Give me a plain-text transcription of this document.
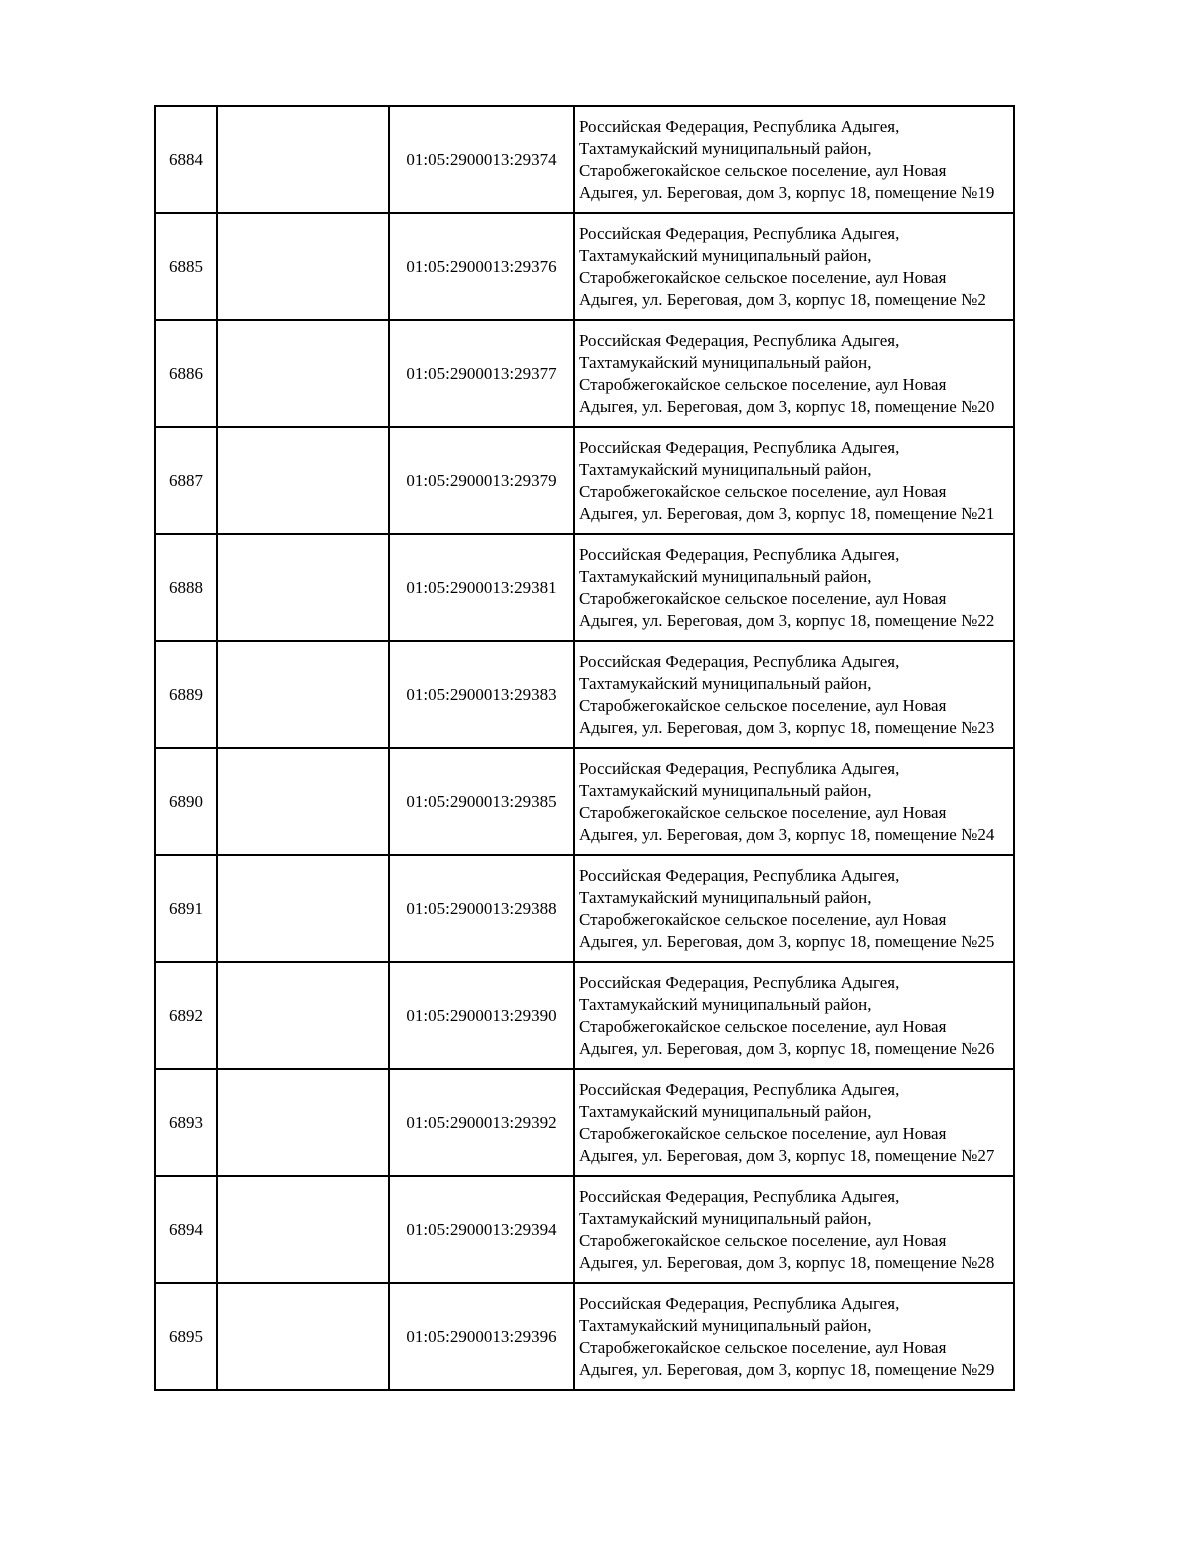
6884		01:05:2900013:29374	Российская Федерация, Республика Адыгея,
Тахтамукайский муниципальный район,
Старобжегокайское сельское поселение, аул Новая
Адыгея, ул. Береговая, дом 3, корпус 18, помещение №19

6885		01:05:2900013:29376	Российская Федерация, Республика Адыгея,
Тахтамукайский муниципальный район,
Старобжегокайское сельское поселение, аул Новая
Адыгея, ул. Береговая, дом 3, корпус 18, помещение №2

6886		01:05:2900013:29377	Российская Федерация, Республика Адыгея,
Тахтамукайский муниципальный район,
Старобжегокайское сельское поселение, аул Новая
Адыгея, ул. Береговая, дом 3, корпус 18, помещение №20

6887		01:05:2900013:29379	Российская Федерация, Республика Адыгея,
Тахтамукайский муниципальный район,
Старобжегокайское сельское поселение, аул Новая
Адыгея, ул. Береговая, дом 3, корпус 18, помещение №21

6888		01:05:2900013:29381	Российская Федерация, Республика Адыгея,
Тахтамукайский муниципальный район,
Старобжегокайское сельское поселение, аул Новая
Адыгея, ул. Береговая, дом 3, корпус 18, помещение №22

6889		01:05:2900013:29383	Российская Федерация, Республика Адыгея,
Тахтамукайский муниципальный район,
Старобжегокайское сельское поселение, аул Новая
Адыгея, ул. Береговая, дом 3, корпус 18, помещение №23

6890		01:05:2900013:29385	Российская Федерация, Республика Адыгея,
Тахтамукайский муниципальный район,
Старобжегокайское сельское поселение, аул Новая
Адыгея, ул. Береговая, дом 3, корпус 18, помещение №24

6891		01:05:2900013:29388	Российская Федерация, Республика Адыгея,
Тахтамукайский муниципальный район,
Старобжегокайское сельское поселение, аул Новая
Адыгея, ул. Береговая, дом 3, корпус 18, помещение №25

6892		01:05:2900013:29390	Российская Федерация, Республика Адыгея,
Тахтамукайский муниципальный район,
Старобжегокайское сельское поселение, аул Новая
Адыгея, ул. Береговая, дом 3, корпус 18, помещение №26

6893		01:05:2900013:29392	Российская Федерация, Республика Адыгея,
Тахтамукайский муниципальный район,
Старобжегокайское сельское поселение, аул Новая
Адыгея, ул. Береговая, дом 3, корпус 18, помещение №27

6894		01:05:2900013:29394	Российская Федерация, Республика Адыгея,
Тахтамукайский муниципальный район,
Старобжегокайское сельское поселение, аул Новая
Адыгея, ул. Береговая, дом 3, корпус 18, помещение №28

6895		01:05:2900013:29396	Российская Федерация, Республика Адыгея,
Тахтамукайский муниципальный район,
Старобжегокайское сельское поселение, аул Новая
Адыгея, ул. Береговая, дом 3, корпус 18, помещение №29
